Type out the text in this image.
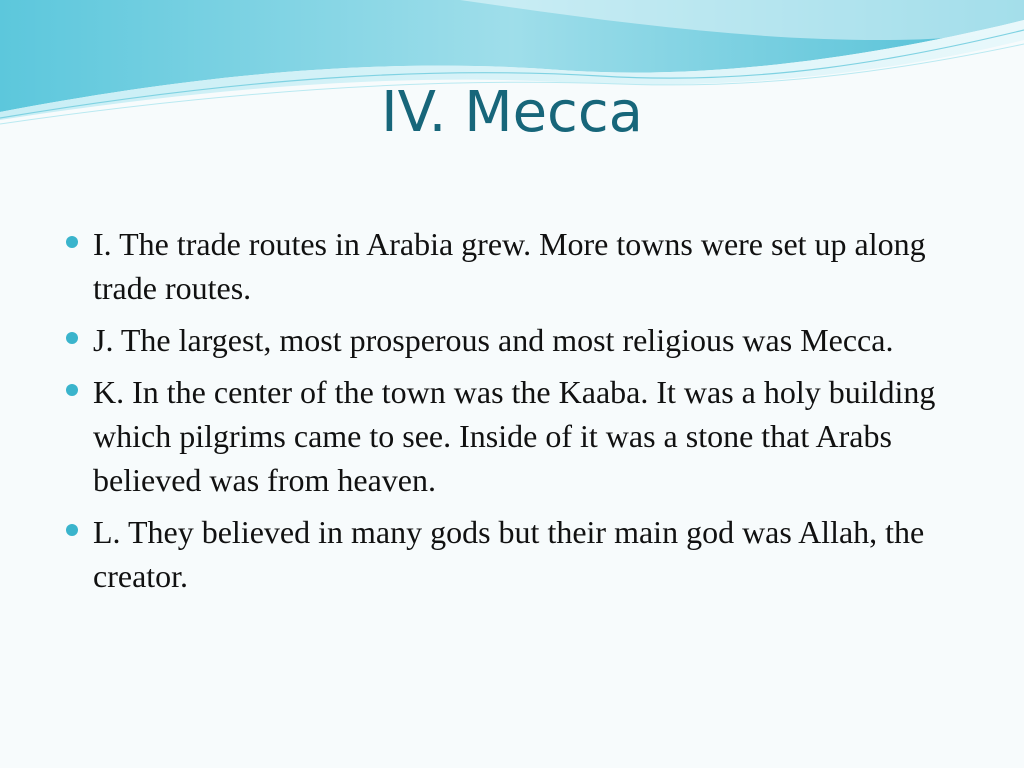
IV. Mecca
I. The trade routes in Arabia grew. More towns were set up along trade routes.
J. The largest, most prosperous and most religious was Mecca.
K. In the center of the town was the Kaaba. It was a holy building which pilgrims came to see. Inside of it was a stone that Arabs believed was from heaven.
L. They believed in many gods but their main god was Allah, the creator.
